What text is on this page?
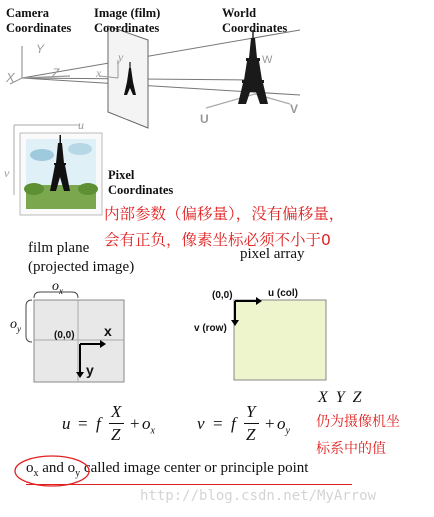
Camera
Coordinates
Image (film)
Coordinates
World
Coordinates
X
Y
Z	x
y	W
U
V
u
v	Pixel
Coordinates
内部参数（偏移量），没有偏移量，
会有正负，像素坐标必须不小于0
film plane
(projected image)
$o_x$
$o_y$
(0,0) x
y
pixel array
(0,0)	u (col)
v (row)
X  Y  Z
仍为摄像机坐
标系中的值
u = f
X
Z
+ $o_x$ v = f
Y
Z
+ $o_y$
$o_x$ and $o_y$ called image center or principle point
http://blog.csdn.net/MyArrow
